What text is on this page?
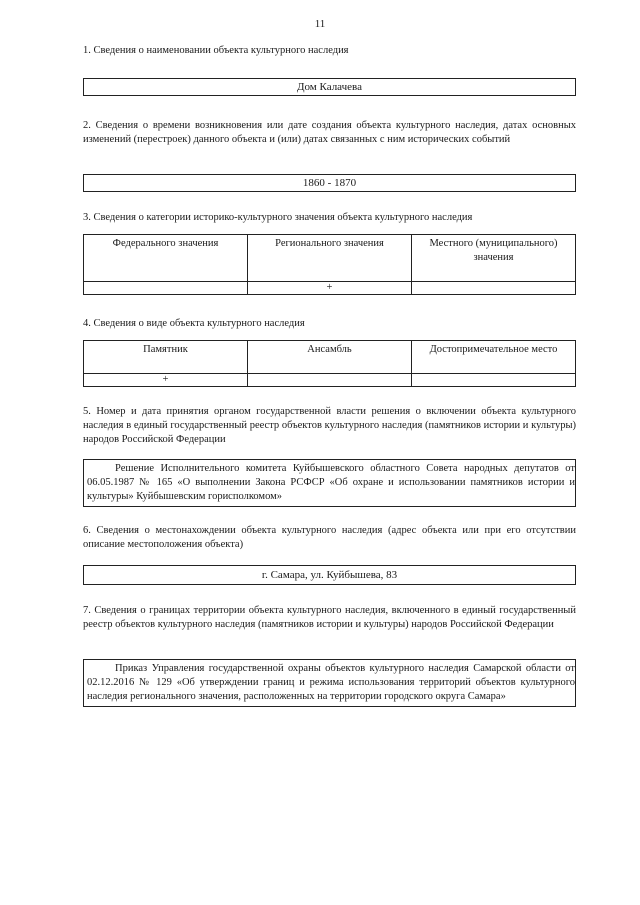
11
1. Сведения о наименовании объекта культурного наследия
Дом Калачева
2. Сведения о времени возникновения или дате создания объекта культурного наследия, датах основных изменений (перестроек) данного объекта и (или) датах связанных с ним исторических событий
1860 - 1870
3. Сведения о категории историко-культурного значения объекта культурного наследия
Федерального значения	Регионального значения	Местного (муниципального) значения
	+	
4. Сведения о виде объекта культурного наследия
Памятник	Ансамбль	Достопримечательное место
+		
5. Номер и дата принятия органом государственной власти решения о включении объекта культурного наследия в единый государственный реестр объектов культурного наследия (памятников истории и культуры) народов Российской Федерации
Решение Исполнительного комитета Куйбышевского областного Совета народных депутатов от 06.05.1987 № 165 «О выполнении Закона РСФСР «Об охране и использовании памятников истории и культуры» Куйбышевским горисполкомом»
6. Сведения о местонахождении объекта культурного наследия (адрес объекта или при его отсутствии описание местоположения объекта)
г. Самара, ул. Куйбышева, 83
7. Сведения о границах территории объекта культурного наследия, включенного в единый государственный реестр объектов культурного наследия (памятников истории и культуры) народов Российской Федерации
Приказ Управления государственной охраны объектов культурного наследия Самарской области от 02.12.2016 № 129 «Об утверждении границ и режима использования территорий объектов культурного наследия регионального значения, расположенных на территории городского округа Самара»
